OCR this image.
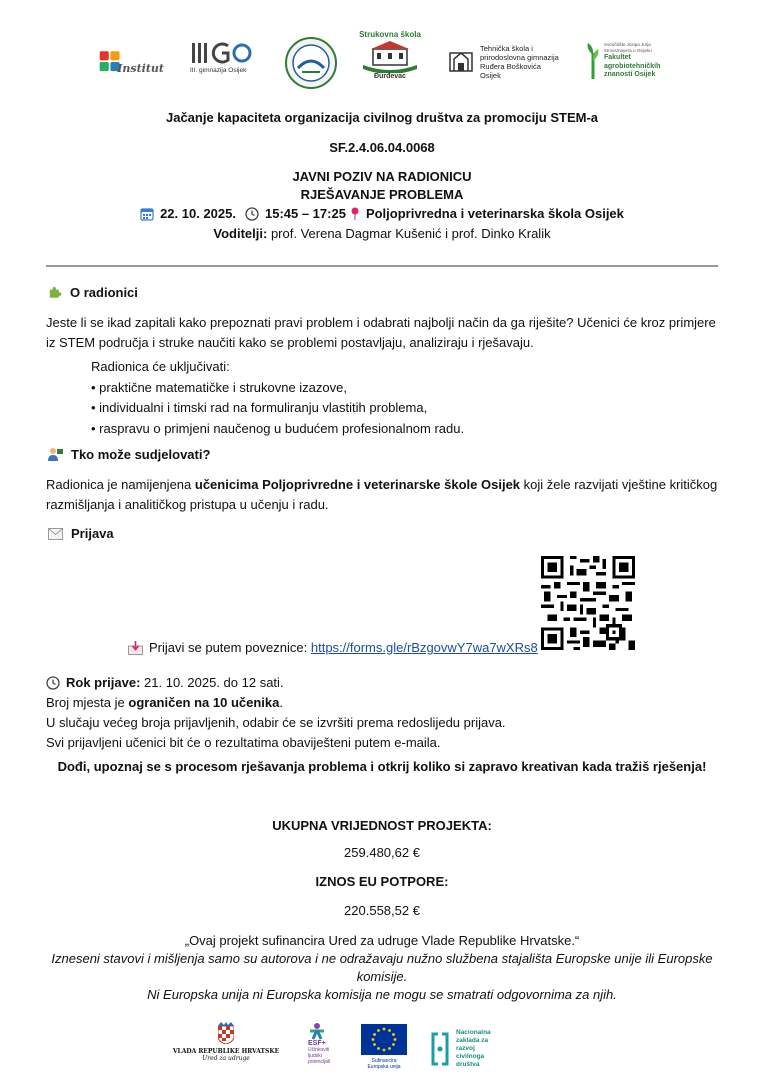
Institut	III. gimnazija Osijek
Strukovna škola
Đurđevac
Tehnička škola i
prirodoslovna gimnazija
Ruđera Boškovića
Osijek
Sveučilište Josipa Jurja
Strossmayera u Osijeku
Fakultet
agrobiotehničkih
znanosti Osijek
Jačanje kapaciteta organizacija civilnog društva za promociju STEM-a
SF.2.4.06.04.0068
JAVNI POZIV NA RADIONICU
RJEŠAVANJE PROBLEMA
22. 10. 2025. 15:45 – 17:25 Poljoprivredna i veterinarska škola Osijek
Voditelji: prof. Verena Dagmar Kušenić i prof. Dinko Kralik
O radionici

Jeste li se ikad zapitali kako prepoznati pravi problem i odabrati najbolji način da ga riješite? Učenici će kroz primjere

iz STEM područja i struke naučiti kako se problemi postavljaju, analiziraju i rješavaju.

Radionica će uključivati:
• praktične matematičke i strukovne izazove,
• individualni i timski rad na formuliranju vlastitih problema,
• raspravu o primjeni naučenog u budućem profesionalnom radu.
Tko može sudjelovati?

Radionica je namijenjena učenicima Poljoprivredne i veterinarske škole Osijek koji žele razvijati vještine kritičkog

razmišljanja i analitičkog pristupa u učenju i radu.

Prijava
Prijavi se putem poveznice: https://forms.gle/rBzgovwY7wa7wXRs8

Rok prijave: 21. 10. 2025. do 12 sati.

Broj mjesta je ograničen na 10 učenika.

U slučaju većeg broja prijavljenih, odabir će se izvršiti prema redoslijedu prijava.

Svi prijavljeni učenici bit će o rezultatima obaviješteni putem e-maila.

Dođi, upoznaj se s procesom rješavanja problema i otkrij koliko si zapravo kreativan kada tražiš rješenja!
UKUPNA VRIJEDNOST PROJEKTA:
259.480,62 €
IZNOS EU POTPORE:
220.558,52 €
„Ovaj projekt sufinancira Ured za udruge Vlade Republike Hrvatske.“
Izneseni stavovi i mišljenja samo su autorova i ne odražavaju nužno službena stajališta Europske unije ili Europske
komisije.
Ni Europska unija ni Europska komisija ne mogu se smatrati odgovornima za njih.
VLADA REPUBLIKE HRVATSKE
Ured za udruge
ESF+
Učinkoviti
ljudski
potencijali	Sufinancira
Europska unija
Nacionalna
zaklada za
razvoj
civilnoga
društva
